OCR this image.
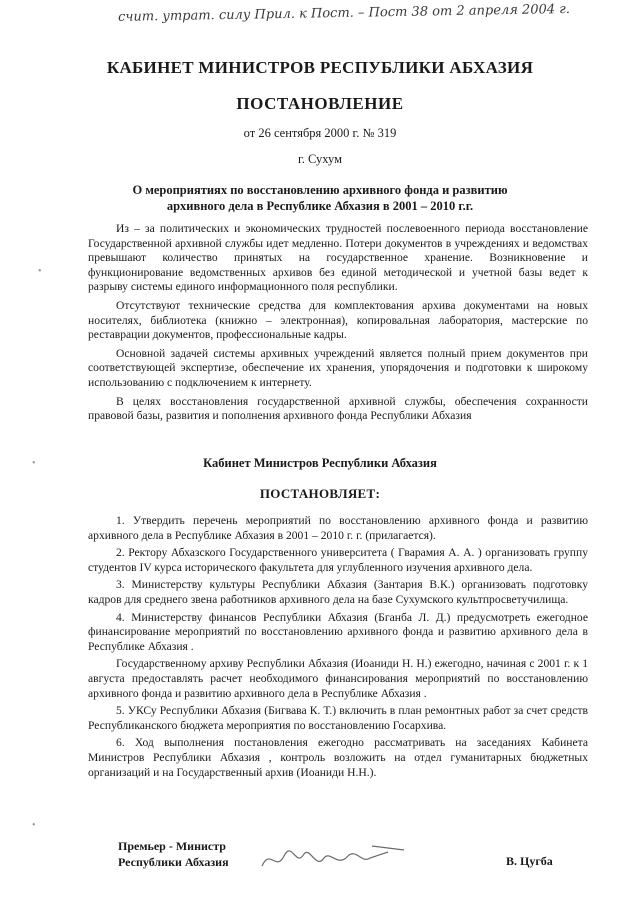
счит. утрат. силу Прил. к Пост. – Пост 38 от 2 апреля 2004 г.
КАБИНЕТ МИНИСТРОВ РЕСПУБЛИКИ АБХАЗИЯ
ПОСТАНОВЛЕНИЕ
от 26 сентября 2000 г. № 319
г. Сухум
О мероприятиях по восстановлению архивного фонда и развитию архивного дела в Республике Абхазия в 2001 – 2010 г.г.

Из – за политических и экономических трудностей послевоенного периода восстановление Государственной архивной службы идет медленно. Потери документов в учреждениях и ведомствах превышают количество принятых на государственное хранение. Возникновение и функционирование ведомственных архивов без единой методической и учетной базы ведет к разрыву системы единого информационного поля республики.

Отсутствуют технические средства для комплектования архива документами на новых носителях, библиотека (книжно – электронная), копировальная лаборатория, мастерские по реставрации документов, профессиональные кадры.

Основной задачей системы архивных учреждений является полный прием документов при соответствующей экспертизе, обеспечение их хранения, упорядочения и подготовки к широкому использованию с подключением к интернету.

В целях восстановления государственной архивной службы, обеспечения сохранности правовой базы, развития и пополнения архивного фонда Республики Абхазия

Кабинет Министров Республики Абхазия
ПОСТАНОВЛЯЕТ:

1. Утвердить перечень мероприятий по восстановлению архивного фонда и развитию архивного дела в Республике Абхазия в 2001 – 2010 г. г. (прилагается).

2. Ректору Абхазского Государственного университета ( Гварамия А. А. ) организовать группу студентов IV курса исторического факультета для углубленного изучения архивного дела.

3. Министерству культуры Республики Абхазия (Зантария В.К.) организовать подготовку кадров для среднего звена работников архивного дела на базе Сухумского культпросветучилища.

4. Министерству финансов Республики Абхазия (Бганба Л. Д.) предусмотреть ежегодное финансирование мероприятий по восстановлению архивного фонда и развитию архивного дела в Республике Абхазия .

Государственному архиву Республики Абхазия (Иоаниди Н. Н.) ежегодно, начиная с 2001 г. к 1 августа предоставлять расчет необходимого финансирования мероприятий по восстановлению архивного фонда и развитию архивного дела в Республике Абхазия .

5. УКСу Республики Абхазия (Бигвава К. Т.) включить в план ремонтных работ за счет средств Республиканского бюджета мероприятия по восстановлению Госархива.

6. Ход выполнения постановления ежегодно рассматривать на заседаниях Кабинета Министров Республики Абхазия , контроль возложить на отдел гуманитарных бюджетных организаций и на Государственный архив (Иоаниди Н.Н.).

Премьер - Министр
Республики Абхазия	В. Цугба
•
•
•
